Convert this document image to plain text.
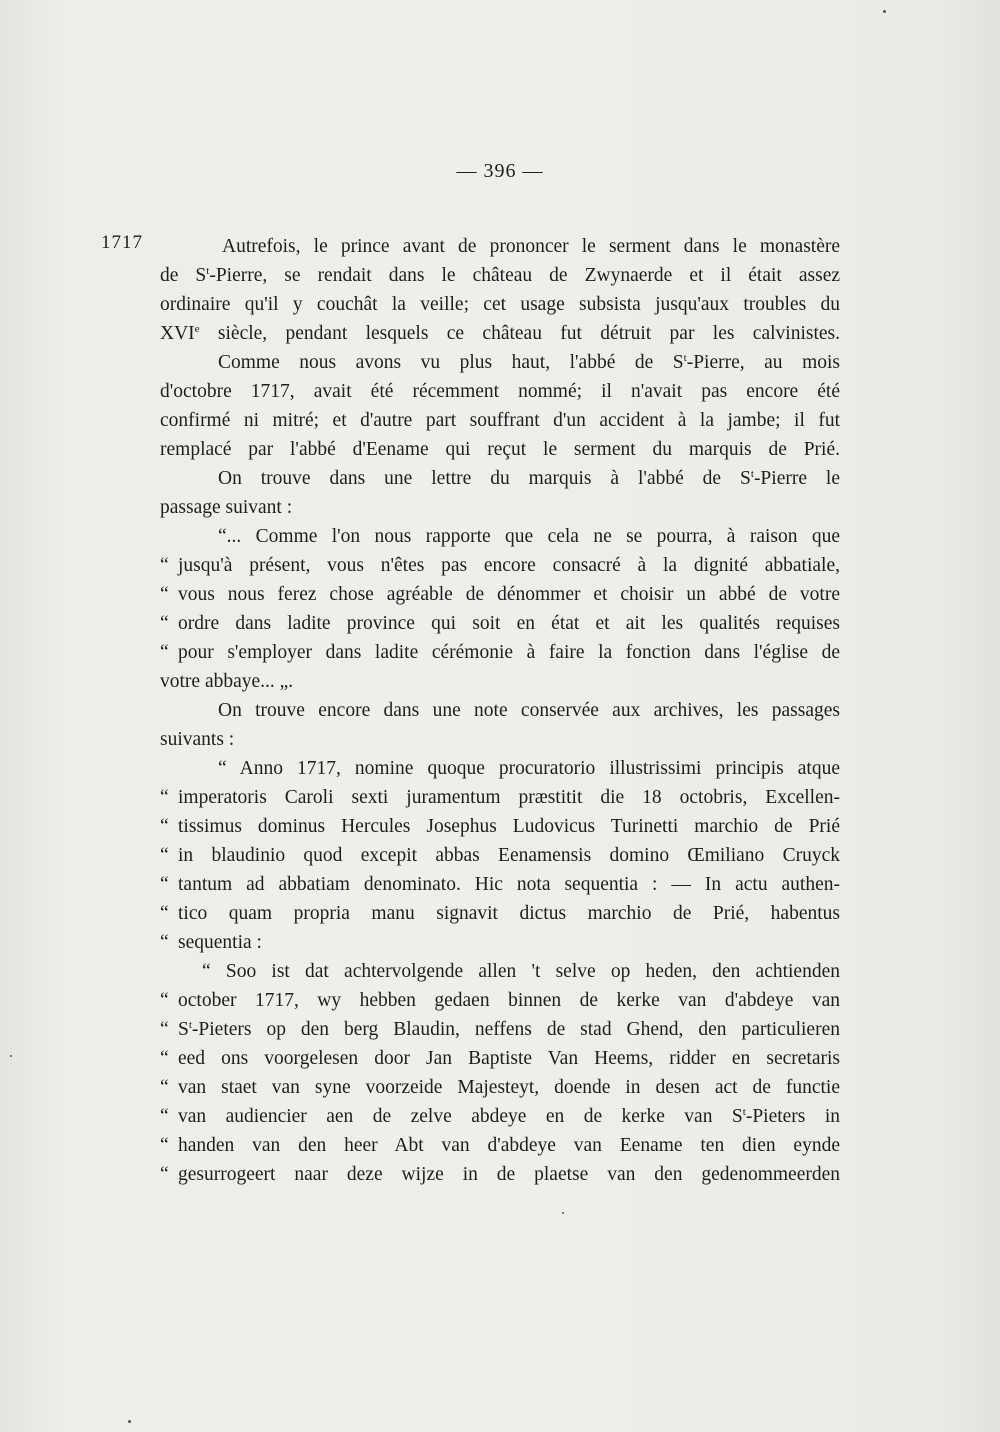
— 396 —
1717	Autrefois, le prince avant de prononcer le serment dans le monastère
de $S^t$-Pierre, se rendait dans le château de Zwynaerde et il était assez
ordinaire qu'il y couchât la veille; cet usage subsista jusqu'aux troubles du
XVIe siècle, pendant lesquels ce château fut détruit par les calvinistes.
Comme nous avons vu plus haut, l'abbé de $S^t$-Pierre, au mois
d'octobre 1717, avait été récemment nommé; il n'avait pas encore été
confirmé ni mitré; et d'autre part souffrant d'un accident à la jambe; il fut
remplacé par l'abbé d'Eename qui reçut le serment du marquis de Prié.
On trouve dans une lettre du marquis à l'abbé de $S^t$-Pierre le
passage suivant :
“... Comme l'on nous rapporte que cela ne se pourra, à raison que
“ jusqu'à présent, vous n'êtes pas encore consacré à la dignité abbatiale,
“ vous nous ferez chose agréable de dénommer et choisir un abbé de votre
“ ordre dans ladite province qui soit en état et ait les qualités requises
“ pour s'employer dans ladite cérémonie à faire la fonction dans l'église de
votre abbaye... „.
On trouve encore dans une note conservée aux archives, les passages
suivants :
“ Anno 1717, nomine quoque procuratorio illustrissimi principis atque
“ imperatoris Caroli sexti juramentum præstitit die 18 octobris, Excellen-
“ tissimus dominus Hercules Josephus Ludovicus Turinetti marchio de Prié
“ in blaudinio quod excepit abbas Eenamensis domino Œmiliano Cruyck
“ tantum ad abbatiam denominato. Hic nota sequentia : — In actu authen-
“ tico quam propria manu signavit dictus marchio de Prié, habentus
“ sequentia :
“ Soo ist dat achtervolgende allen 't selve op heden, den achtienden
“ october 1717, wy hebben gedaen binnen de kerke van d'abdeye van
“ $S^t$-Pieters op den berg Blaudin, neffens de stad Ghend, den particulieren
“ eed ons voorgelesen door Jan Baptiste Van Heems, ridder en secretaris
“ van staet van syne voorzeide Majesteyt, doende in desen act de functie
“ van audiencier aen de zelve abdeye en de kerke van $S^t$-Pieters in
“ handen van den heer Abt van d'abdeye van Eename ten dien eynde
“ gesurrogeert naar deze wijze in de plaetse van den gedenommeerden
